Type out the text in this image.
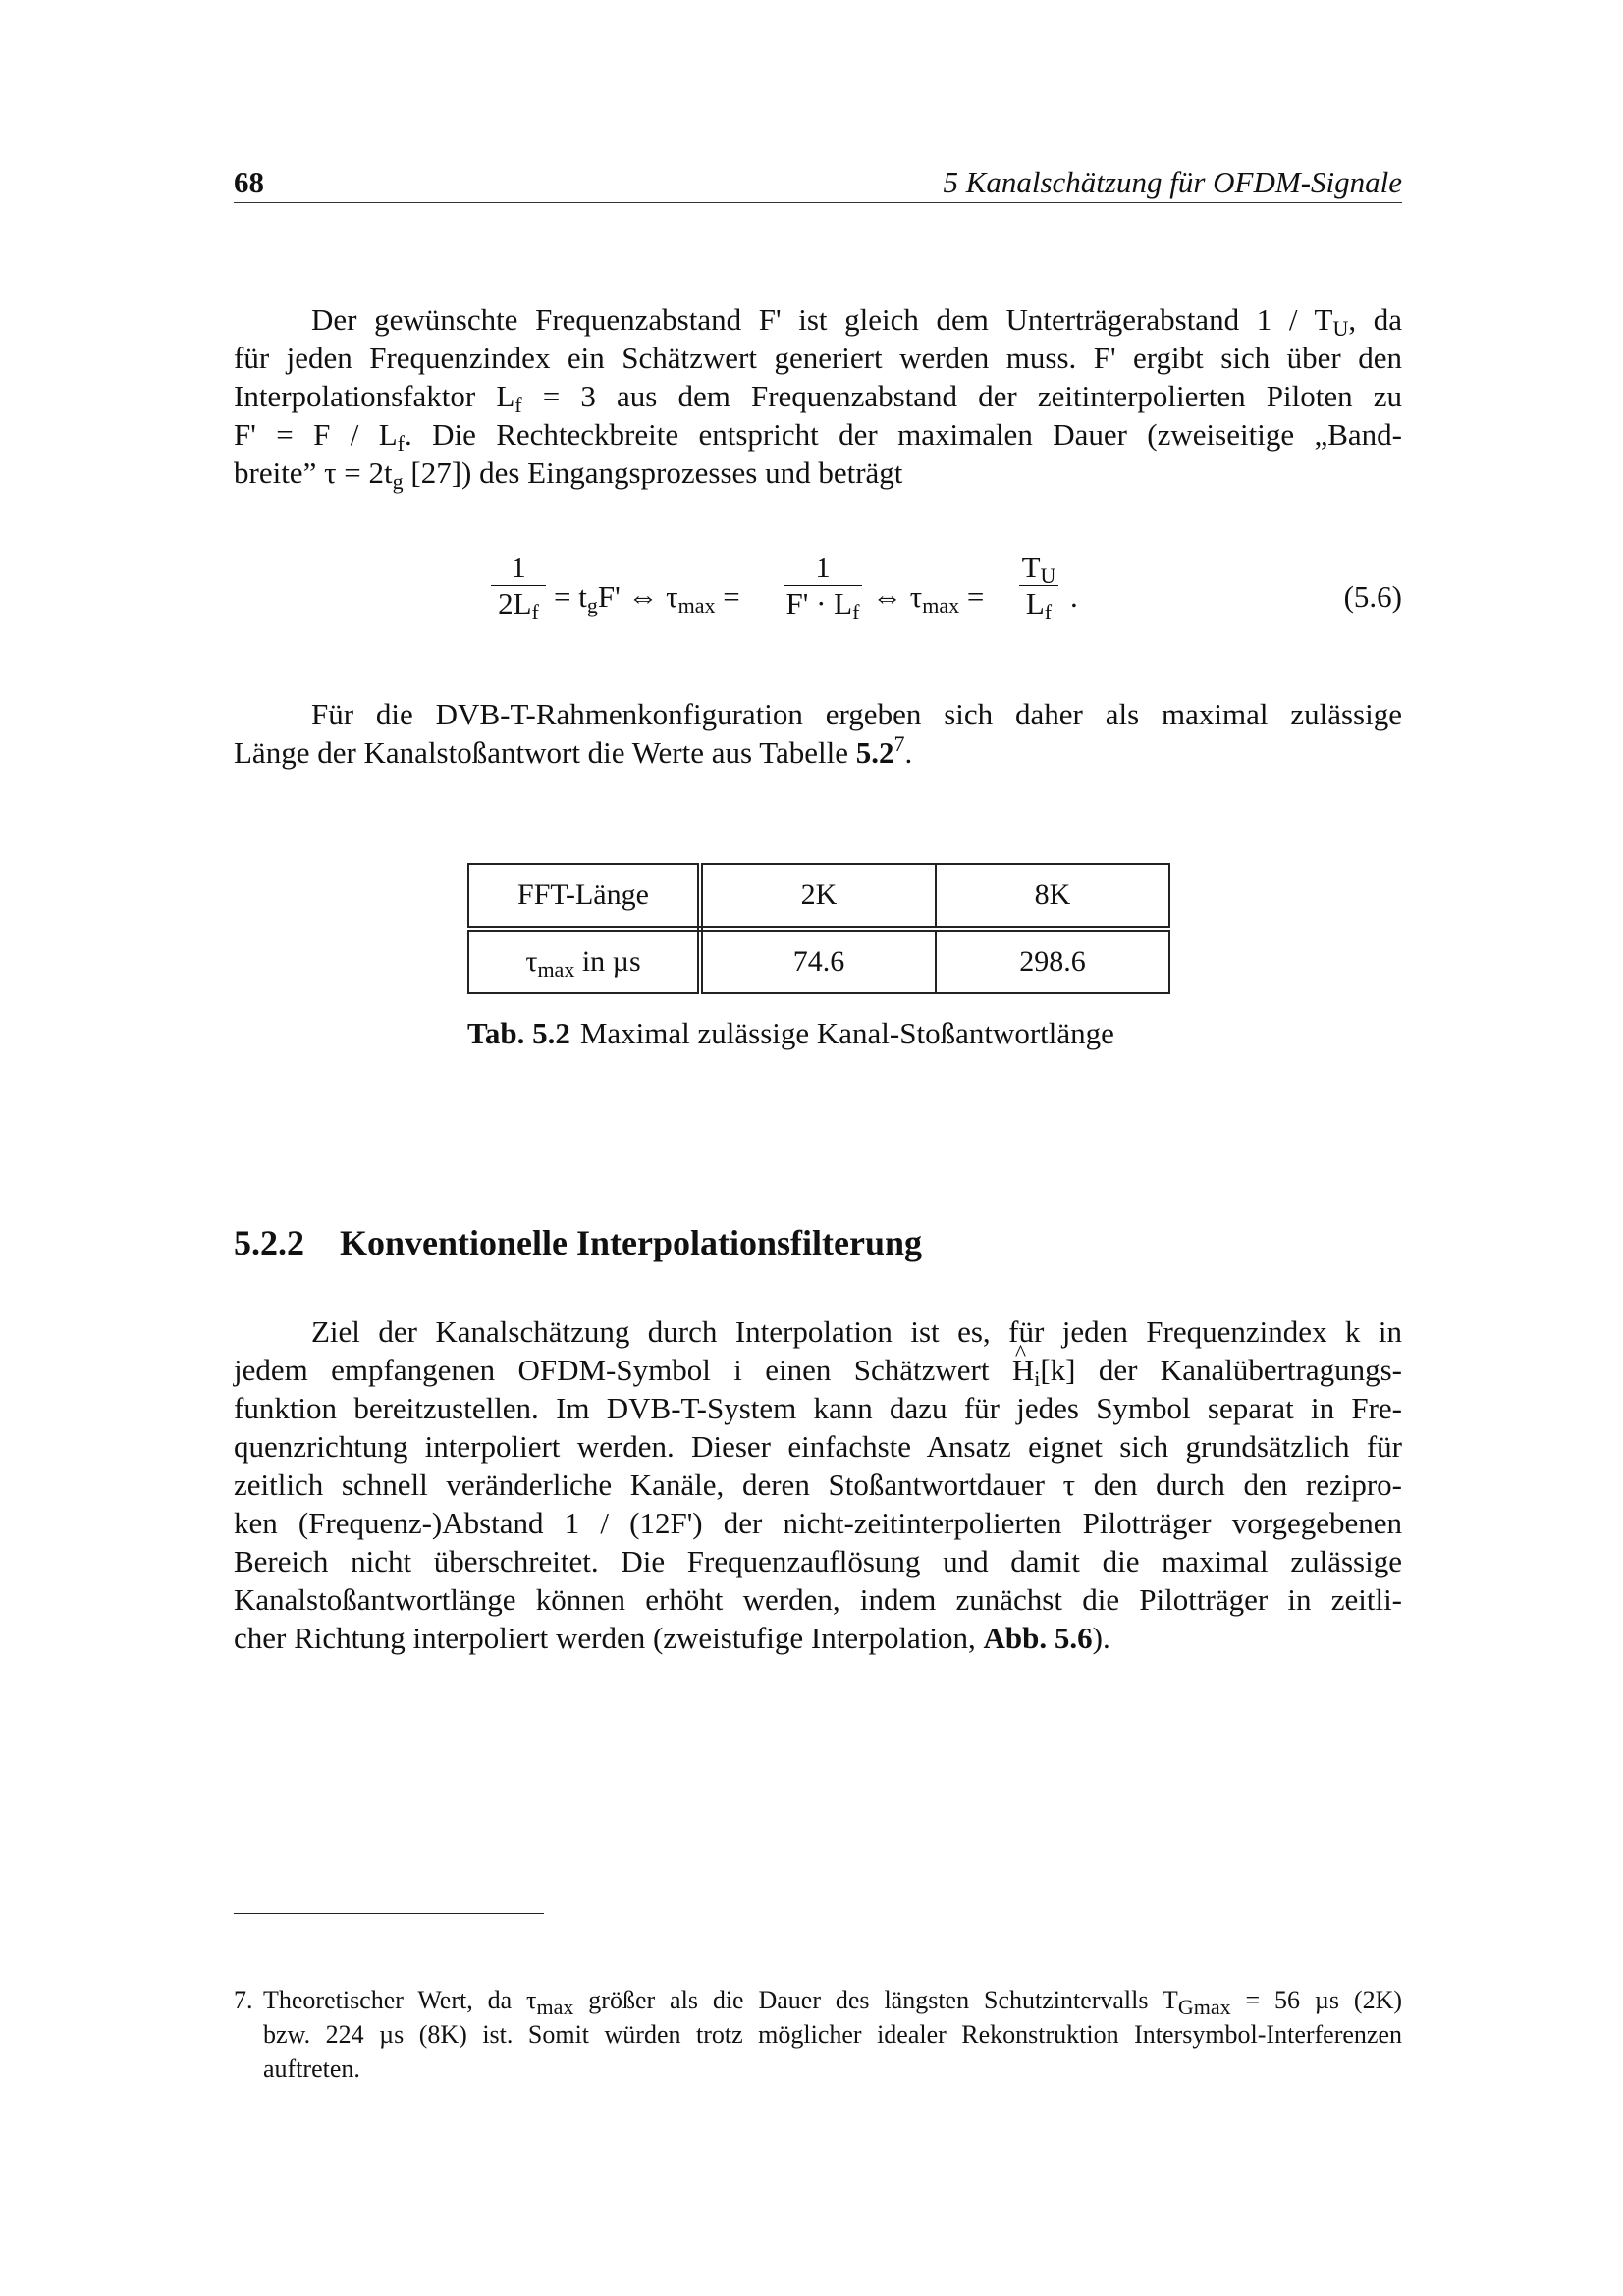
68	5 Kanalschätzung für OFDM-Signale
Der gewünschte Frequenzabstand F' ist gleich dem Unterträgerabstand $1 / T_U$, da
für jeden Frequenzindex ein Schätzwert generiert werden muss. F' ergibt sich über den
Interpolationsfaktor $L_f = 3$ aus dem Frequenzabstand der zeitinterpolierten Piloten zu
$F' = F / L_f$. Die Rechteckbreite entspricht der maximalen Dauer (zweiseitige „Band-
breite” $\tau = 2t_g$ [27]) des Eingangsprozesses und beträgt
1
$2L_f = t_gF'$ ⇔ $\tau_{max}$ =
1
$F' \cdot L_f$ ⇔ $\tau_{max}$ =
$T_U$
$L_f$ .	(5.6)
Für die DVB-T-Rahmenkonfiguration ergeben sich daher als maximal zulässige
Länge der Kanalstoßantwort die Werte aus Tabelle $5.2^7$.
FFT-Länge	2K	8K
$\tau_{max}$ in µs	74.6	298.6
Tab. 5.2 Maximal zulässige Kanal-Stoßantwortlänge
5.2.2 Konventionelle Interpolationsfilterung
Ziel der Kanalschätzung durch Interpolation ist es, für jeden Frequenzindex k in
jedem empfangenen OFDM-Symbol i einen Schätzwert ^ $H_i[k]$ der Kanalübertragungs-
funktion bereitzustellen. Im DVB-T-System kann dazu für jedes Symbol separat in Fre-
quenzrichtung interpoliert werden. Dieser einfachste Ansatz eignet sich grundsätzlich für
zeitlich schnell veränderliche Kanäle, deren Stoßantwortdauer τ den durch den rezipro-
ken (Frequenz-)Abstand 1 / (12F') der nicht-zeitinterpolierten Pilotträger vorgegebenen
Bereich nicht überschreitet. Die Frequenzauflösung und damit die maximal zulässige
Kanalstoßantwortlänge können erhöht werden, indem zunächst die Pilotträger in zeitli-
cher Richtung interpoliert werden (zweistufige Interpolation, Abb. 5.6).
7. Theoretischer Wert, da $\tau_{max}$ größer als die Dauer des längsten Schutzintervalls $T_{Gmax} = 56$ µs (2K)
bzw. 224 µs (8K) ist. Somit würden trotz möglicher idealer Rekonstruktion Intersymbol-Interferenzen
auftreten.
